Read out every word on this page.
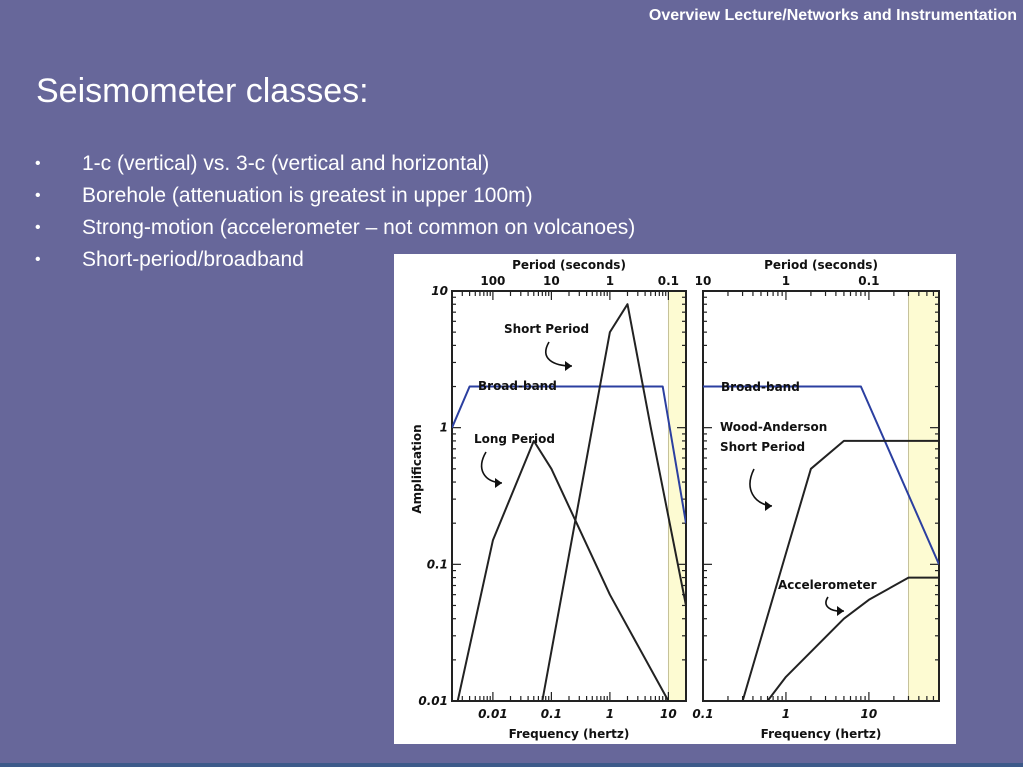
Overview Lecture/Networks and Instrumentation
Seismometer classes:
• 1-c (vertical) vs. 3-c (vertical and horizontal)
• Borehole (attenuation is greatest in upper 100m)
• Strong-motion (accelerometer – not common on volcanoes)
• Short-period/broadband
0.01	0.1	1	10
100	10	1	0.1
0.01
0.1
1
10
Period (seconds)
Frequency (hertz)
Amplification
Broad-band
Long Period
Short Period
0.1	1	10
10	1	0.1
Period (seconds)
Frequency (hertz)
Broad-band
Wood-Anderson
Short Period
Accelerometer
